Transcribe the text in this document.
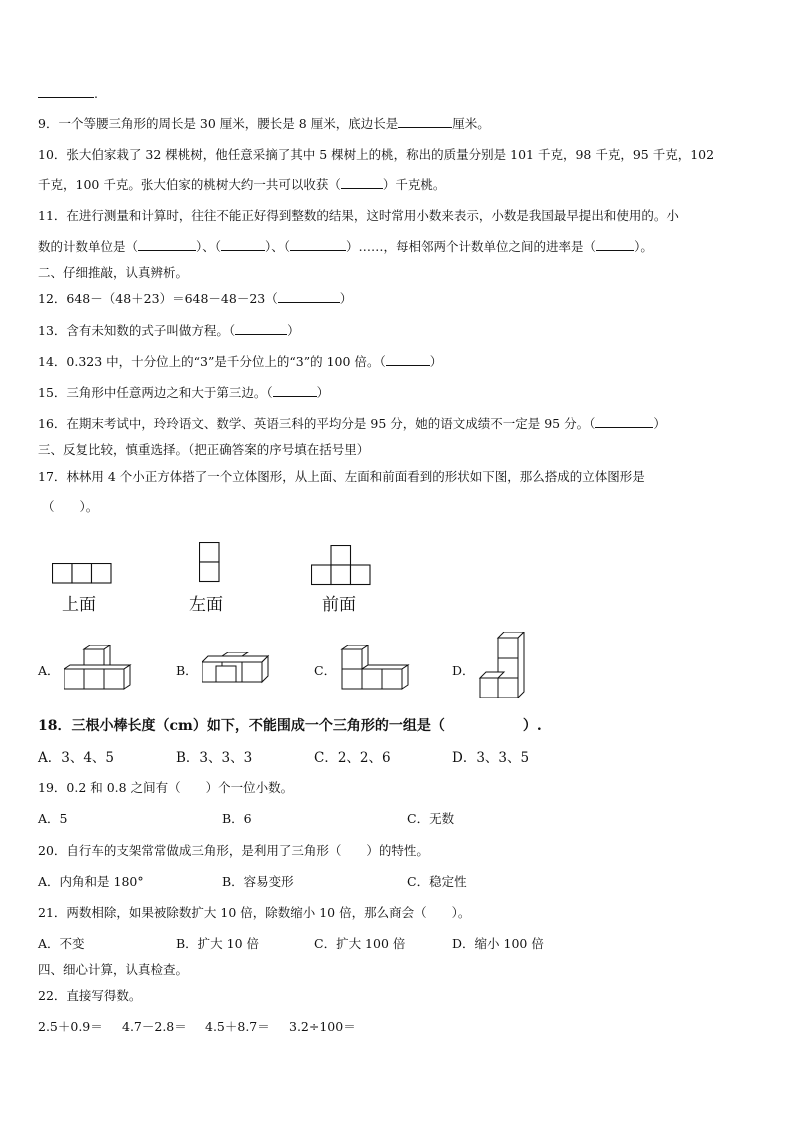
.
9．一个等腰三角形的周长是 30 厘米，腰长是 8 厘米，底边长是	厘米。
10．张大伯家栽了 32 棵桃树，他任意采摘了其中 5 棵树上的桃，称出的质量分别是 101 千克，98 千克，95 千克，102
千克，100 千克。张大伯家的桃树大约一共可以收获（	）千克桃。
11．在进行测量和计算时，往往不能正好得到整数的结果，这时常用小数来表示，小数是我国最早提出和使用的。小
数的计数单位是（	）、（	）、（	）……，每相邻两个计数单位之间的进率是（	）。
二、仔细推敲，认真辨析。
12．648－（48＋23）＝648－48－23（	）
13．含有未知数的式子叫做方程。（	）
14．0.323 中，十分位上的“3”是千分位上的“3”的 100 倍。（	）
15．三角形中任意两边之和大于第三边。（	）
16．在期末考试中，玲玲语文、数学、英语三科的平均分是 95 分，她的语文成绩不一定是 95 分。（	）
三、反复比较，慎重选择。（把正确答案的序号填在括号里）
17．林林用 4 个小正方体搭了一个立体图形，从上面、左面和前面看到的形状如下图，那么搭成的立体图形是
（　　）。
上面	左面	前面
A．	B．	C．	D．
18．三根小棒长度（cm）如下，不能围成一个三角形的一组是（	）.
A．3、4、5	B．3、3、3	C．2、2、6	D．3、3、5
19．0.2 和 0.8 之间有（　　）个一位小数。
A．5	B．6	C．无数
20．自行车的支架常常做成三角形，是利用了三角形（　　）的特性。
A．内角和是 180°	B．容易变形	C．稳定性
21．两数相除，如果被除数扩大 10 倍，除数缩小 10 倍，那么商会（　　）。
A．不变	B．扩大 10 倍	C．扩大 100 倍	D．缩小 100 倍
四、细心计算，认真检查。
22．直接写得数。
2.5＋0.9＝ 4.7－2.8＝ 4.5＋8.7＝ 3.2÷100＝
